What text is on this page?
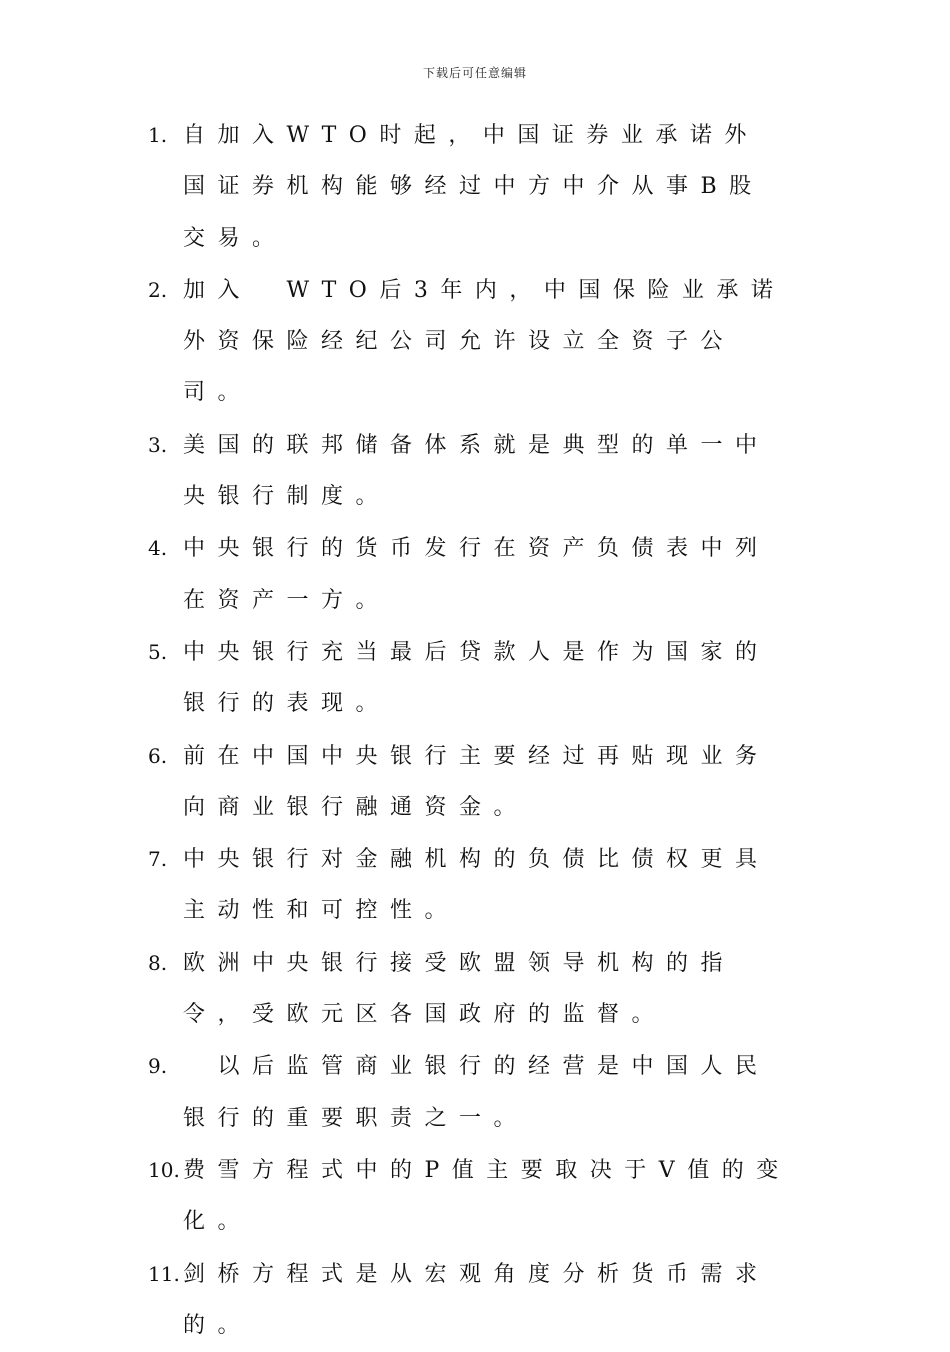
下载后可任意编辑
1. 自加入WTO时起，中国证券业承诺外国证券机构能够经过中方中介从事B股交易。
2. 加入　WTO后3年内，中国保险业承诺外资保险经纪公司允许设立全资子公司。
3. 美国的联邦储备体系就是典型的单一中央银行制度。
4. 中央银行的货币发行在资产负债表中列在资产一方。
5. 中央银行充当最后贷款人是作为国家的银行的表现。
6. 前在中国中央银行主要经过再贴现业务向商业银行融通资金。
7. 中央银行对金融机构的负债比债权更具主动性和可控性。
8. 欧洲中央银行接受欧盟领导机构的指令，受欧元区各国政府的监督。
9. 　以后监管商业银行的经营是中国人民银行的重要职责之一。
10. 费雪方程式中的P值主要取决于V值的变化。
11. 剑桥方程式是从宏观角度分析货币需求的。
